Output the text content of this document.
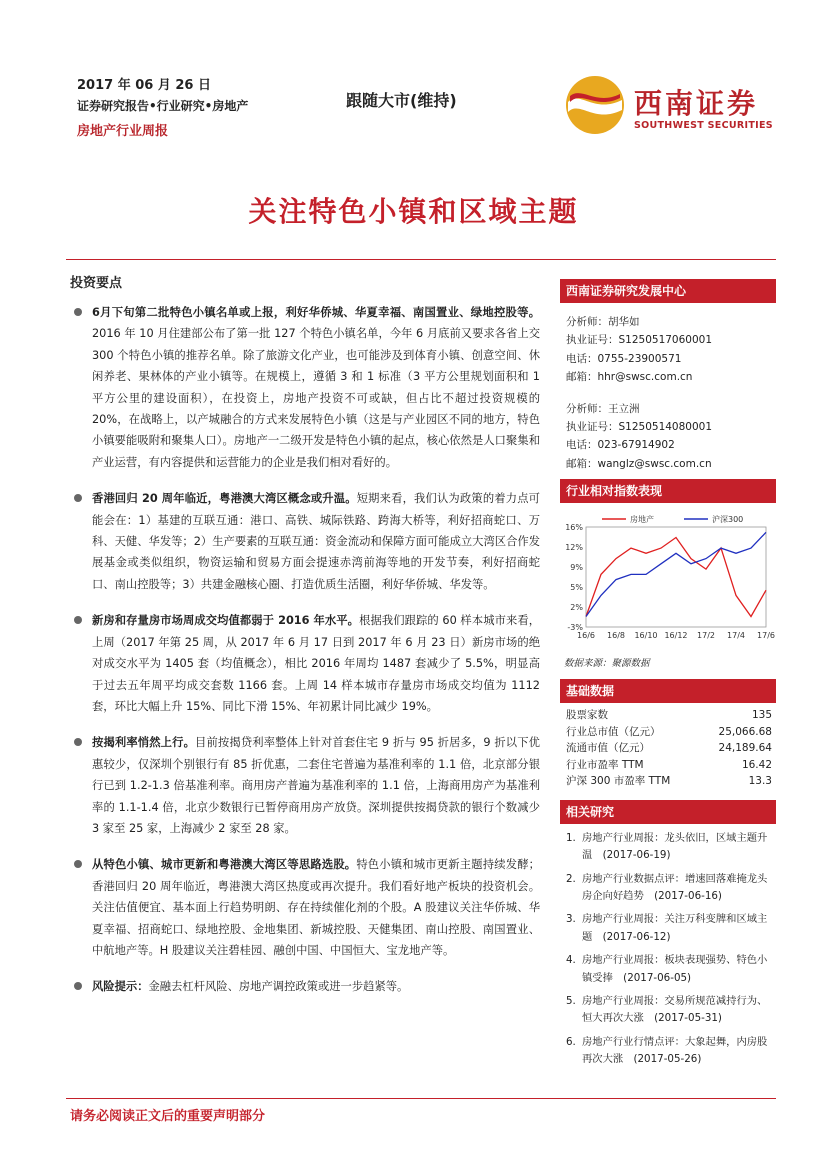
2017 年 06 月 26 日
证券研究报告•行业研究•房地产
房地产行业周报
跟随大市(维持)	西南证券
SOUTHWEST SECURITIES
关注特色小镇和区域主题
投资要点
6月下旬第二批特色小镇名单或上报，利好华侨城、华夏幸福、南国置业、绿地控股等。2016 年 10 月住建部公布了第一批 127 个特色小镇名单，今年 6 月底前又要求各省上交 300 个特色小镇的推荐名单。除了旅游文化产业，也可能涉及到体育小镇、创意空间、休闲养老、果林体的产业小镇等。在规模上，遵循 3 和 1 标准（3 平方公里规划面积和 1 平方公里的建设面积），在投资上，房地产投资不可或缺，但占比不超过投资规模的 20%，在战略上，以产城融合的方式来发展特色小镇（这是与产业园区不同的地方，特色小镇要能吸附和聚集人口）。房地产一二级开发是特色小镇的起点，核心依然是人口聚集和产业运营，有内容提供和运营能力的企业是我们相对看好的。
香港回归 20 周年临近，粤港澳大湾区概念或升温。短期来看，我们认为政策的着力点可能会在：1）基建的互联互通：港口、高铁、城际铁路、跨海大桥等，利好招商蛇口、万科、天健、华发等；2）生产要素的互联互通：资金流动和保障方面可能成立大湾区合作发展基金或类似组织，物资运输和贸易方面会提速赤湾前海等地的开发节奏，利好招商蛇口、南山控股等；3）共建金融核心圈、打造优质生活圈，利好华侨城、华发等。
新房和存量房市场周成交均值都弱于 2016 年水平。根据我们跟踪的 60 样本城市来看，上周（2017 年第 25 周，从 2017 年 6 月 17 日到 2017 年 6 月 23 日）新房市场的绝对成交水平为 1405 套（均值概念），相比 2016 年周均 1487 套减少了 5.5%，明显高于过去五年周平均成交套数 1166 套。上周 14 样本城市存量房市场成交均值为 1112 套，环比大幅上升 15%、同比下滑 15%、年初累计同比减少 19%。
按揭利率悄然上行。目前按揭贷利率整体上针对首套住宅 9 折与 95 折居多，9 折以下优惠较少，仅深圳个别银行有 85 折优惠，二套住宅普遍为基准利率的 1.1 倍，北京部分银行已到 1.2-1.3 倍基准利率。商用房产普遍为基准利率的 1.1 倍，上海商用房产为基准利率的 1.1-1.4 倍，北京少数银行已暂停商用房产放贷。深圳提供按揭贷款的银行个数减少 3 家至 25 家，上海减少 2 家至 28 家。
从特色小镇、城市更新和粤港澳大湾区等思路选股。特色小镇和城市更新主题持续发酵；香港回归 20 周年临近，粤港澳大湾区热度或再次提升。我们看好地产板块的投资机会。关注估值便宜、基本面上行趋势明朗、存在持续催化剂的个股。A 股建议关注华侨城、华夏幸福、招商蛇口、绿地控股、金地集团、新城控股、天健集团、南山控股、南国置业、中航地产等。H 股建议关注碧桂园、融创中国、中国恒大、宝龙地产等。
风险提示：金融去杠杆风险、房地产调控政策或进一步趋紧等。
西南证券研究发展中心
分析师：胡华如
执业证号：S1250517060001
电话：0755-23900571
邮箱：hhr@swsc.com.cn
分析师：王立洲
执业证号：S1250514080001
电话：023-67914902
邮箱：wanglz@swsc.com.cn
行业相对指数表现
16%
12%
9%
5%
2%
-3%
16/6 16/8 16/10 16/12 17/2 17/4 17/6
房地产	沪深300
数据来源：聚源数据
基础数据
股票家数	135
行业总市值（亿元）	25,066.68
流通市值（亿元）	24,189.64
行业市盈率 TTM	16.42
沪深 300 市盈率 TTM	13.3
相关研究
1. 房地产行业周报：龙头依旧，区域主题升温　(2017-06-19)
2. 房地产行业数据点评：增速回落难掩龙头房企向好趋势　(2017-06-16)
3. 房地产行业周报：关注万科变牌和区域主题　(2017-06-12)
4. 房地产行业周报：板块表现强势、特色小镇受捧　(2017-06-05)
5. 房地产行业周报：交易所规范减持行为、恒大再次大涨　(2017-05-31)
6. 房地产行业行情点评：大象起舞，内房股再次大涨　(2017-05-26)
请务必阅读正文后的重要声明部分
